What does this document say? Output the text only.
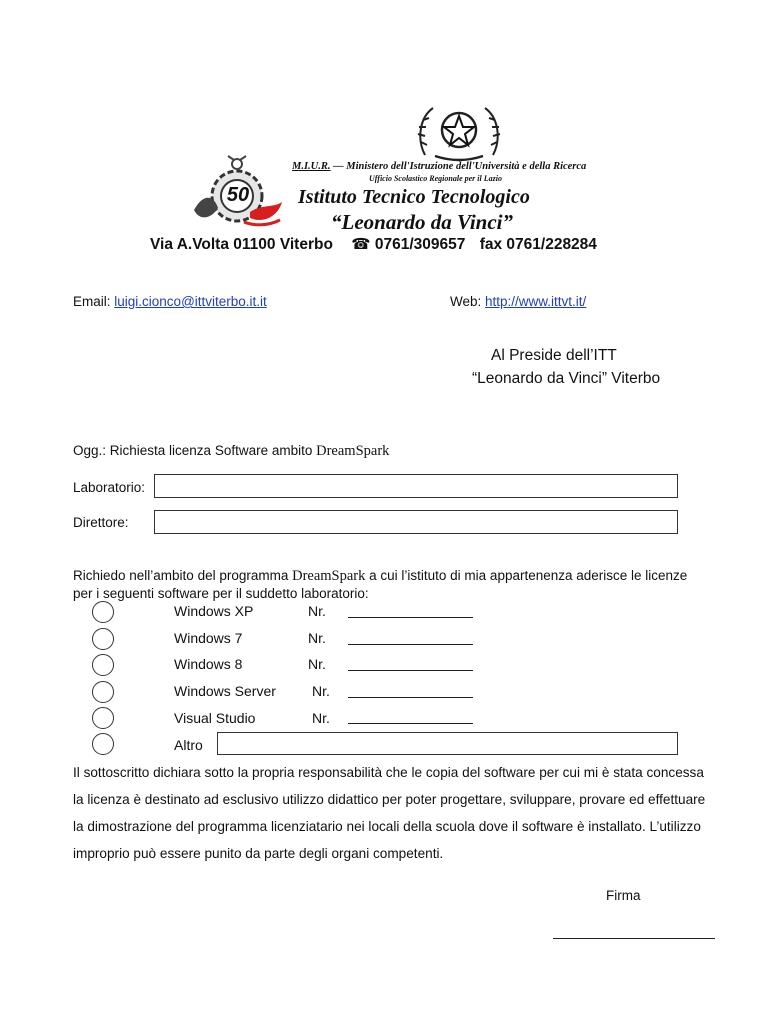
50
M.I.U.R. — Ministero dell'Istruzione dell'Università e della Ricerca
Ufficio Scolastico Regionale per il Lazio
Istituto Tecnico Tecnologico
“Leonardo da Vinci”
Via A.Volta 01100 Viterbo ☎ 0761/309657 fax 0761/228284
Email: luigi.cionco@ittviterbo.it.it	Web: http://www.ittvt.it/
Al Preside dell’ITT
“Leonardo da Vinci” Viterbo
Ogg.: Richiesta licenza Software ambito DreamSpark
Laboratorio:
Direttore:
Richiedo nell’ambito del programma DreamSpark a cui l’istituto di mia appartenenza aderisce le licenze
per i seguenti software per il suddetto laboratorio:
Windows XP	Nr.
Windows 7	Nr.
Windows 8	Nr.
Windows Server	Nr.
Visual Studio	Nr.
Altro
Il sottoscritto dichiara sotto la propria responsabilità che le copia del software per cui mi è stata concessa
la licenza è destinato ad esclusivo utilizzo didattico per poter progettare, sviluppare, provare ed effettuare
la dimostrazione del programma licenziatario nei locali della scuola dove il software è installato. L’utilizzo
improprio può essere punito da parte degli organi competenti.
Firma
